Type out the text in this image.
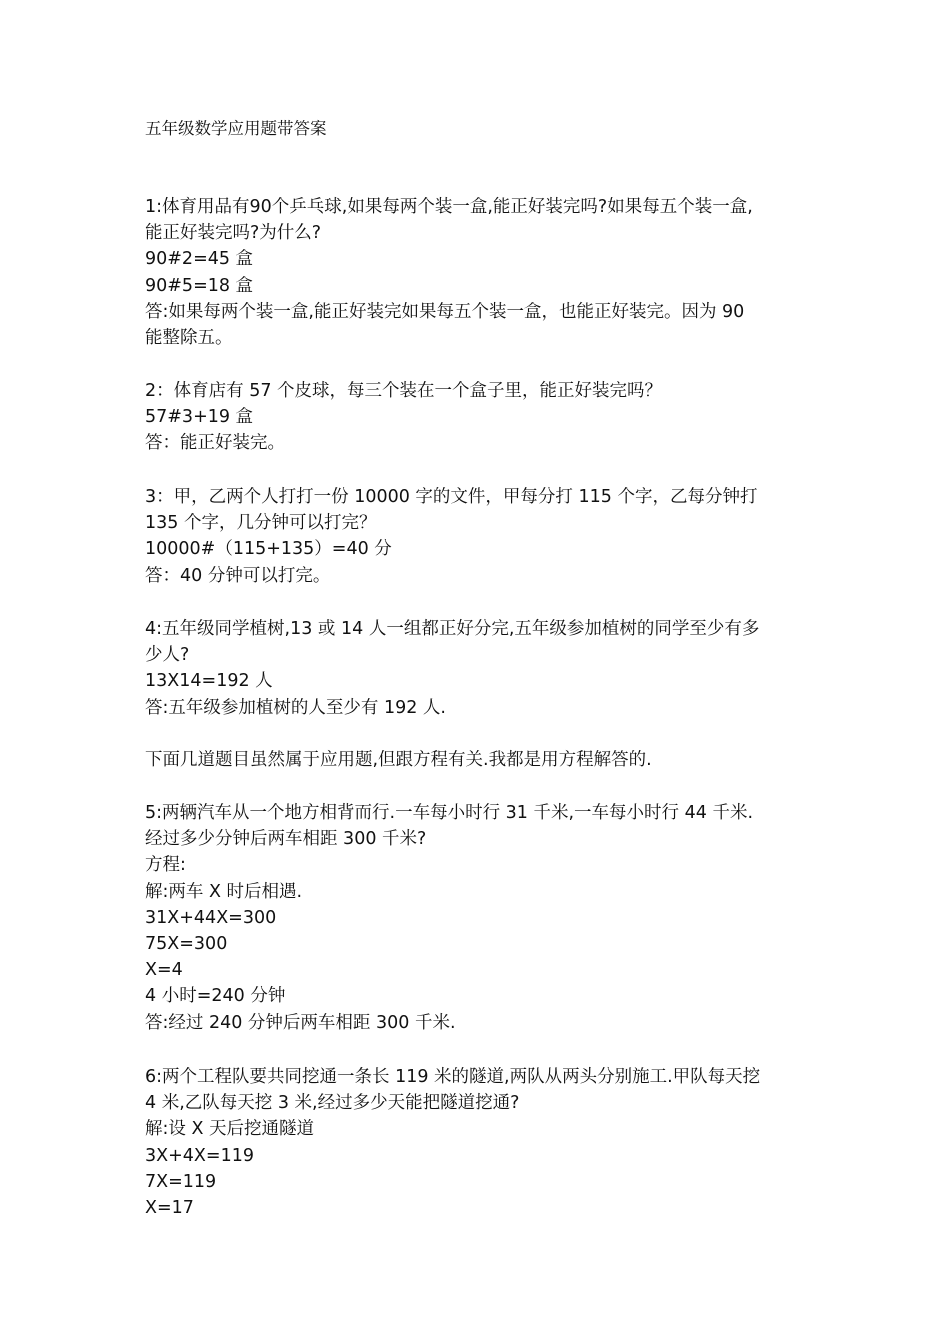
五年级数学应用题带答案
1:体育用品有90个乒乓球,如果每两个装一盒,能正好装完吗?如果每五个装一盒,
能正好装完吗?为什么?
90#2=45 盒
90#5=18 盒
答:如果每两个装一盒,能正好装完如果每五个装一盒，也能正好装完。因为 90
能整除五。
2：体育店有 57 个皮球，每三个装在一个盒子里，能正好装完吗？
57#3+19 盒
答：能正好装完。
3：甲，乙两个人打打一份 10000 字的文件，甲每分打 115 个字，乙每分钟打
135 个字，几分钟可以打完？
10000#（115+135）=40 分
答：40 分钟可以打完。
4:五年级同学植树,13 或 14 人一组都正好分完,五年级参加植树的同学至少有多
少人?
13X14=192 人
答:五年级参加植树的人至少有 192 人.
下面几道题目虽然属于应用题,但跟方程有关.我都是用方程解答的.
5:两辆汽车从一个地方相背而行.一车每小时行 31 千米,一车每小时行 44 千米.
经过多少分钟后两车相距 300 千米?
方程:
解:两车 X 时后相遇.
31X+44X=300
75X=300
X=4
4 小时=240 分钟
答:经过 240 分钟后两车相距 300 千米.
6:两个工程队要共同挖通一条长 119 米的隧道,两队从两头分别施工.甲队每天挖
4 米,乙队每天挖 3 米,经过多少天能把隧道挖通?
解:设 X 天后挖通隧道
3X+4X=119
7X=119
X=17
